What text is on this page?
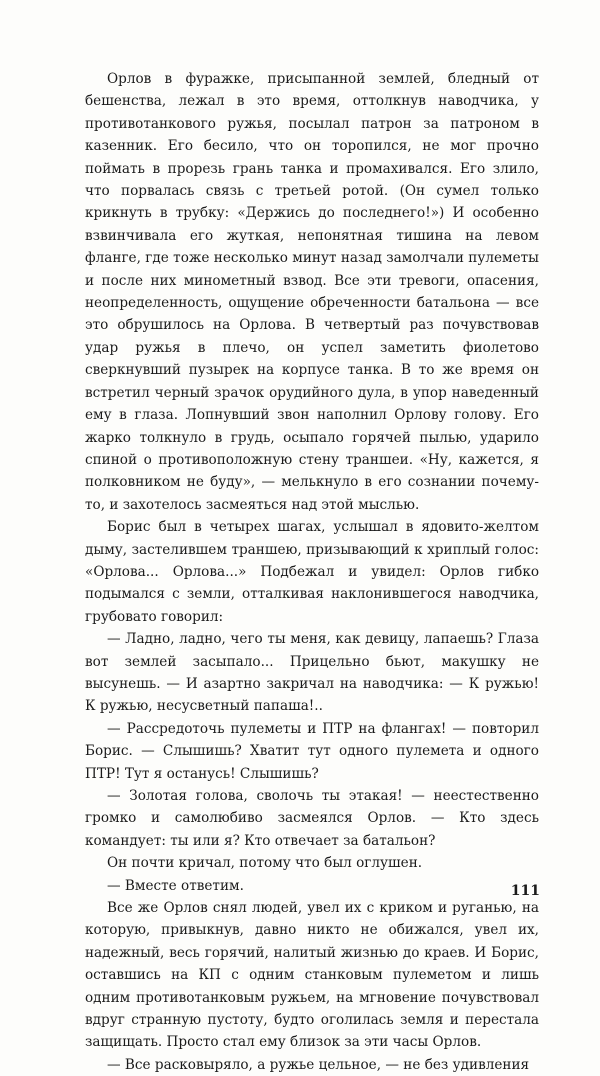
Орлов в фуражке, присыпанной землей, бледный от бешенства, лежал в это время, оттолкнув наводчика, у противотанкового ружья, посылал патрон за патроном в казенник. Его бесило, что он торопился, не мог прочно поймать в прорезь грань танка и промахивался. Его злило, что порвалась связь с третьей ротой. (Он сумел только крикнуть в трубку: «Держись до последнего!») И особенно взвинчивала его жуткая, непонятная тишина на левом фланге, где тоже несколько минут назад замолчали пулеметы и после них минометный взвод. Все эти тревоги, опасения, неопределенность, ощущение обреченности батальона — все это обрушилось на Орлова. В четвертый раз почувствовав удар ружья в плечо, он успел заметить фиолетово сверкнувший пузырек на корпусе танка. В то же время он встретил черный зрачок орудийного дула, в упор наведенный ему в глаза. Лопнувший звон наполнил Орлову голову. Его жарко толкнуло в грудь, осыпало горячей пылью, ударило спиной о противоположную стену траншеи. «Ну, кажется, я полковником не буду», — мелькнуло в его сознании почему-то, и захотелось засмеяться над этой мыслью.

Борис был в четырех шагах, услышал в ядовито-желтом дыму, застелившем траншею, призывающий к хриплый голос: «Орлова... Орлова...» Подбежал и увидел: Орлов гибко подымался с земли, отталкивая наклонившегося наводчика, грубовато говорил:

— Ладно, ладно, чего ты меня, как девицу, лапаешь? Глаза вот землей засыпало... Прицельно бьют, макушку не высунешь. — И азартно закричал на наводчика: — К ружью! К ружью, несусветный папаша!..

— Рассредоточь пулеметы и ПТР на флангах! — повторил Борис. — Слышишь? Хватит тут одного пулемета и одного ПТР! Тут я останусь! Слышишь?

— Золотая голова, сволочь ты этакая! — неестественно громко и самолюбиво засмеялся Орлов. — Кто здесь командует: ты или я? Кто отвечает за батальон?

Он почти кричал, потому что был оглушен.

— Вместе ответим.

Все же Орлов снял людей, увел их с криком и руганью, на которую, привыкнув, давно никто не обижался, увел их, надежный, весь горячий, налитый жизнью до краев. И Борис, оставшись на КП с одним станковым пулеметом и лишь одним противотанковым ружьем, на мгновение почувствовал вдруг странную пустоту, будто оголилась земля и перестала защищать. Просто стал ему близок за эти часы Орлов.

— Все расковыряло, а ружье цельное, — не без удивления

111
